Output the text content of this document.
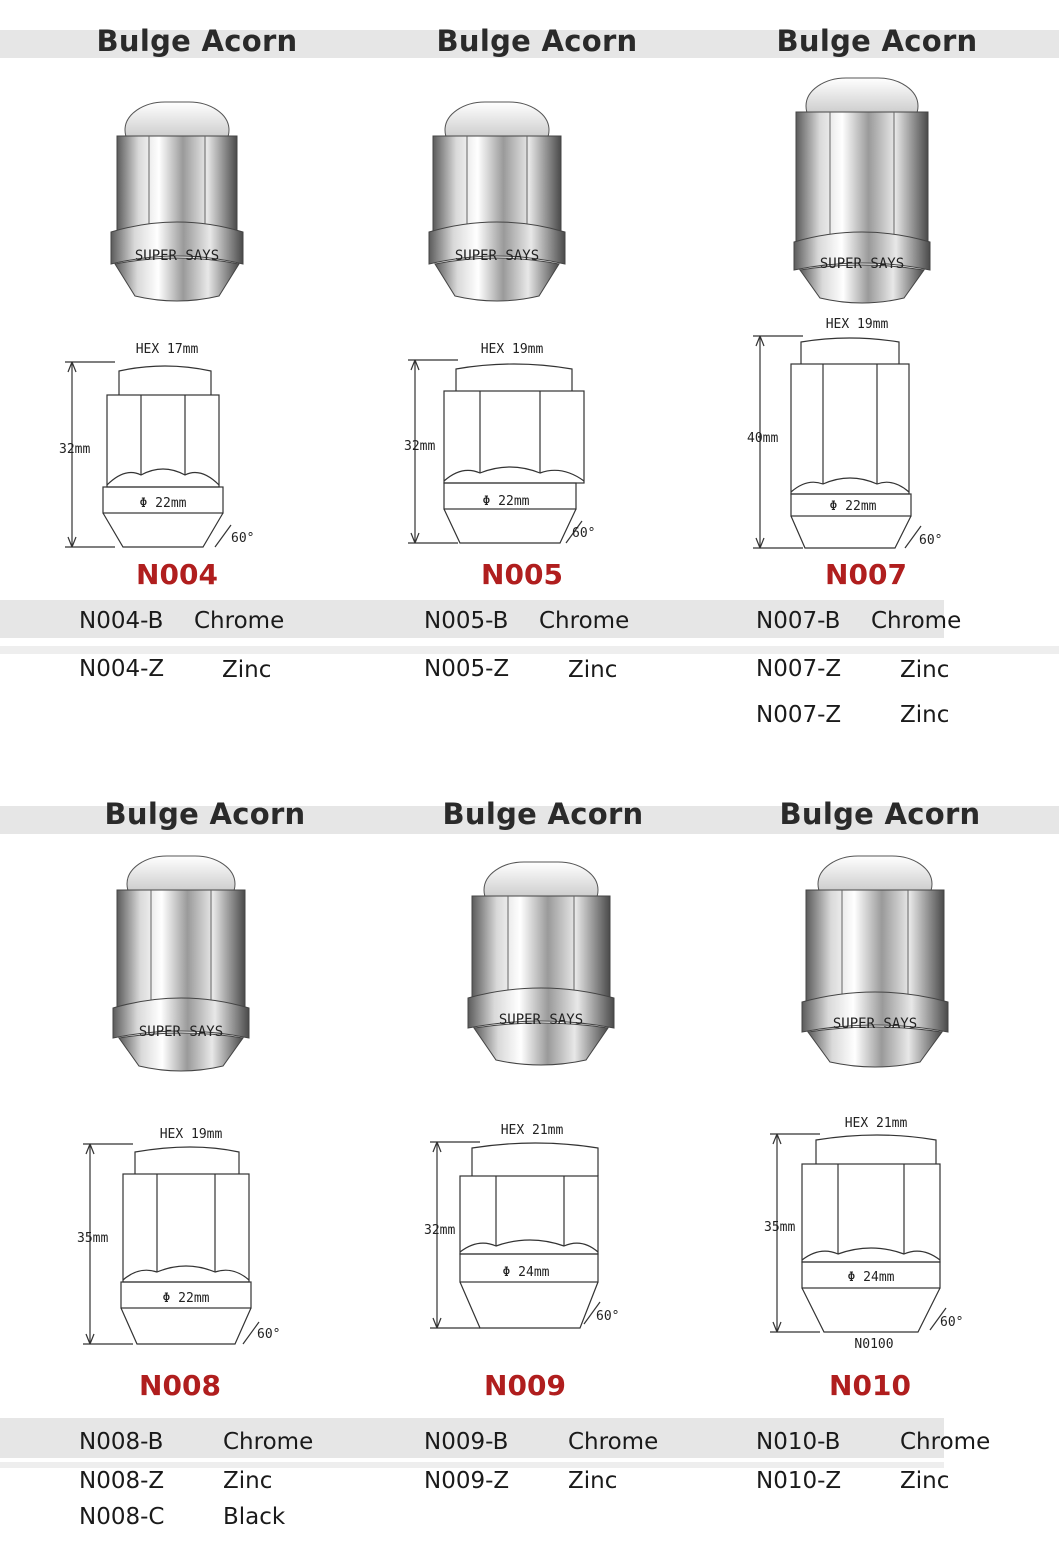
Bulge Acorn	Bulge Acorn	Bulge Acorn
SUPER SAYS	SUPER SAYS	SUPER SAYS
HEX 17mm
32mm
Φ 22mm
60°
HEX 19mm
32mm
Φ 22mm
60°
HEX 19mm
40mm
Φ 22mm
60°
N004	N005	N007
N004-B Chrome
N004-Z	Zinc
N005-B Chrome
N005-Z	Zinc
N007-B Chrome
N007-Z	Zinc
N007-Z	Zinc
Bulge Acorn	Bulge Acorn	Bulge Acorn
SUPER SAYS
SUPER SAYS	SUPER SAYS
HEX 19mm
35mm
Φ 22mm
60°
HEX 21mm
32mm
Φ 24mm
60°
HEX 21mm
35mm
Φ 24mm
60°
N0100
N008	N009	N010
N008-B	Chrome
N008-Z	Zinc
N008-C	Black
N009-B	Chrome
N009-Z	Zinc
N010-B	Chrome
N010-Z	Zinc
